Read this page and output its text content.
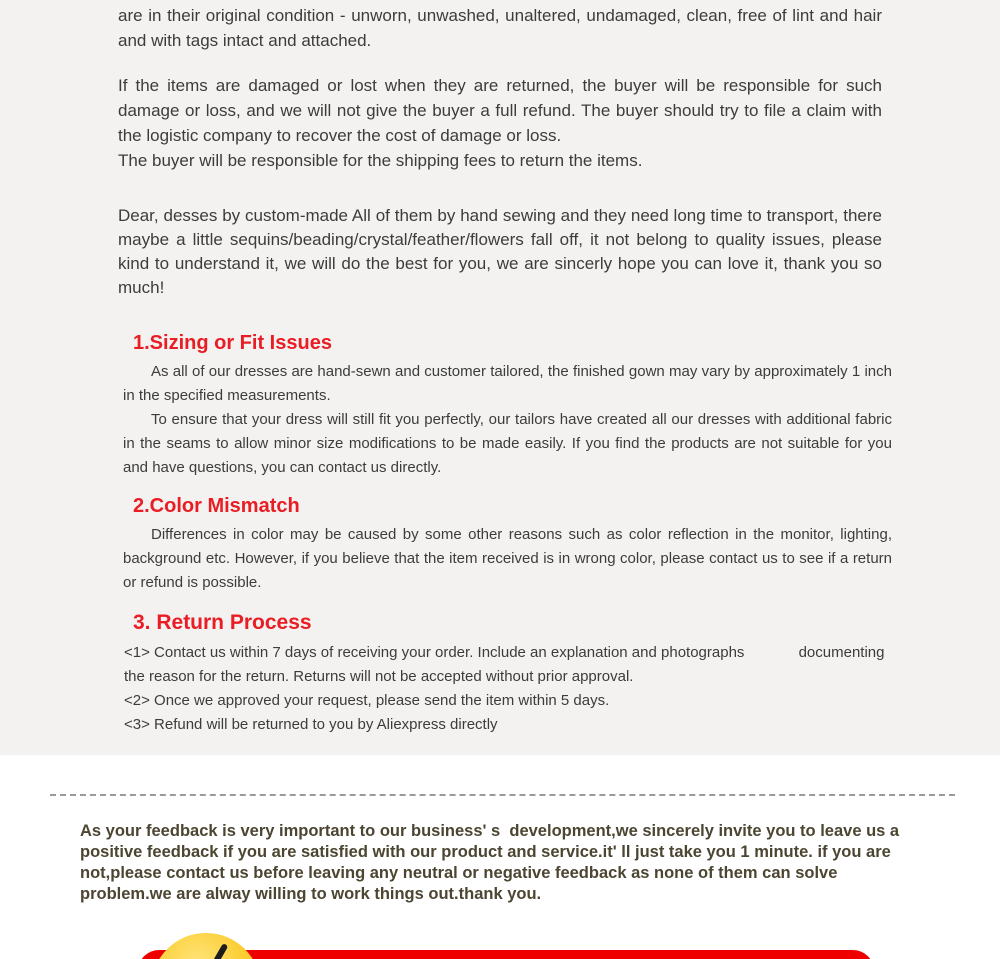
are in their original condition - unworn, unwashed, unaltered, undamaged, clean, free of lint and hair and with tags intact and attached.

If the items are damaged or lost when they are returned, the buyer will be responsible for such damage or loss, and we will not give the buyer a full refund. The buyer should try to file a claim with the logistic company to recover the cost of damage or loss.

The buyer will be responsible for the shipping fees to return the items.

Dear, desses by custom-made All of them by hand sewing and they need long time to transport, there maybe a little sequins/beading/crystal/feather/flowers fall off, it not belong to quality issues, please kind to understand it, we will do the best for you, we are sincerly hope you can love it, thank you so much!

1.Sizing or Fit Issues

As all of our dresses are hand-sewn and customer tailored, the finished gown may vary by approximately 1 inch in the specified measurements.

To ensure that your dress will still fit you perfectly, our tailors have created all our dresses with additional fabric in the seams to allow minor size modifications to be made easily. If you find the products are not suitable for you and have questions, you can contact us directly.

2.Color Mismatch

Differences in color may be caused by some other reasons such as color reflection in the monitor, lighting, background etc. However, if you believe that the item received is in wrong color, please contact us to see if a return or refund is possible.

3. Return Process

<1> Contact us within 7 days of receiving your order. Include an explanation and photographs             documenting the reason for the return. Returns will not be accepted without prior approval.

<2> Once we approved your request, please send the item within 5 days.

<3> Refund will be returned to you by Aliexpress directly

As your feedback is very important to our business' s  development,we sincerely invite you to leave us a positive feedback if you are satisfied with our product and service.it' ll just take you 1 minute. if you are not,please contact us before leaving any neutral or negative feedback as none of them can solve problem.we are alway willing to work things out.thank you.
